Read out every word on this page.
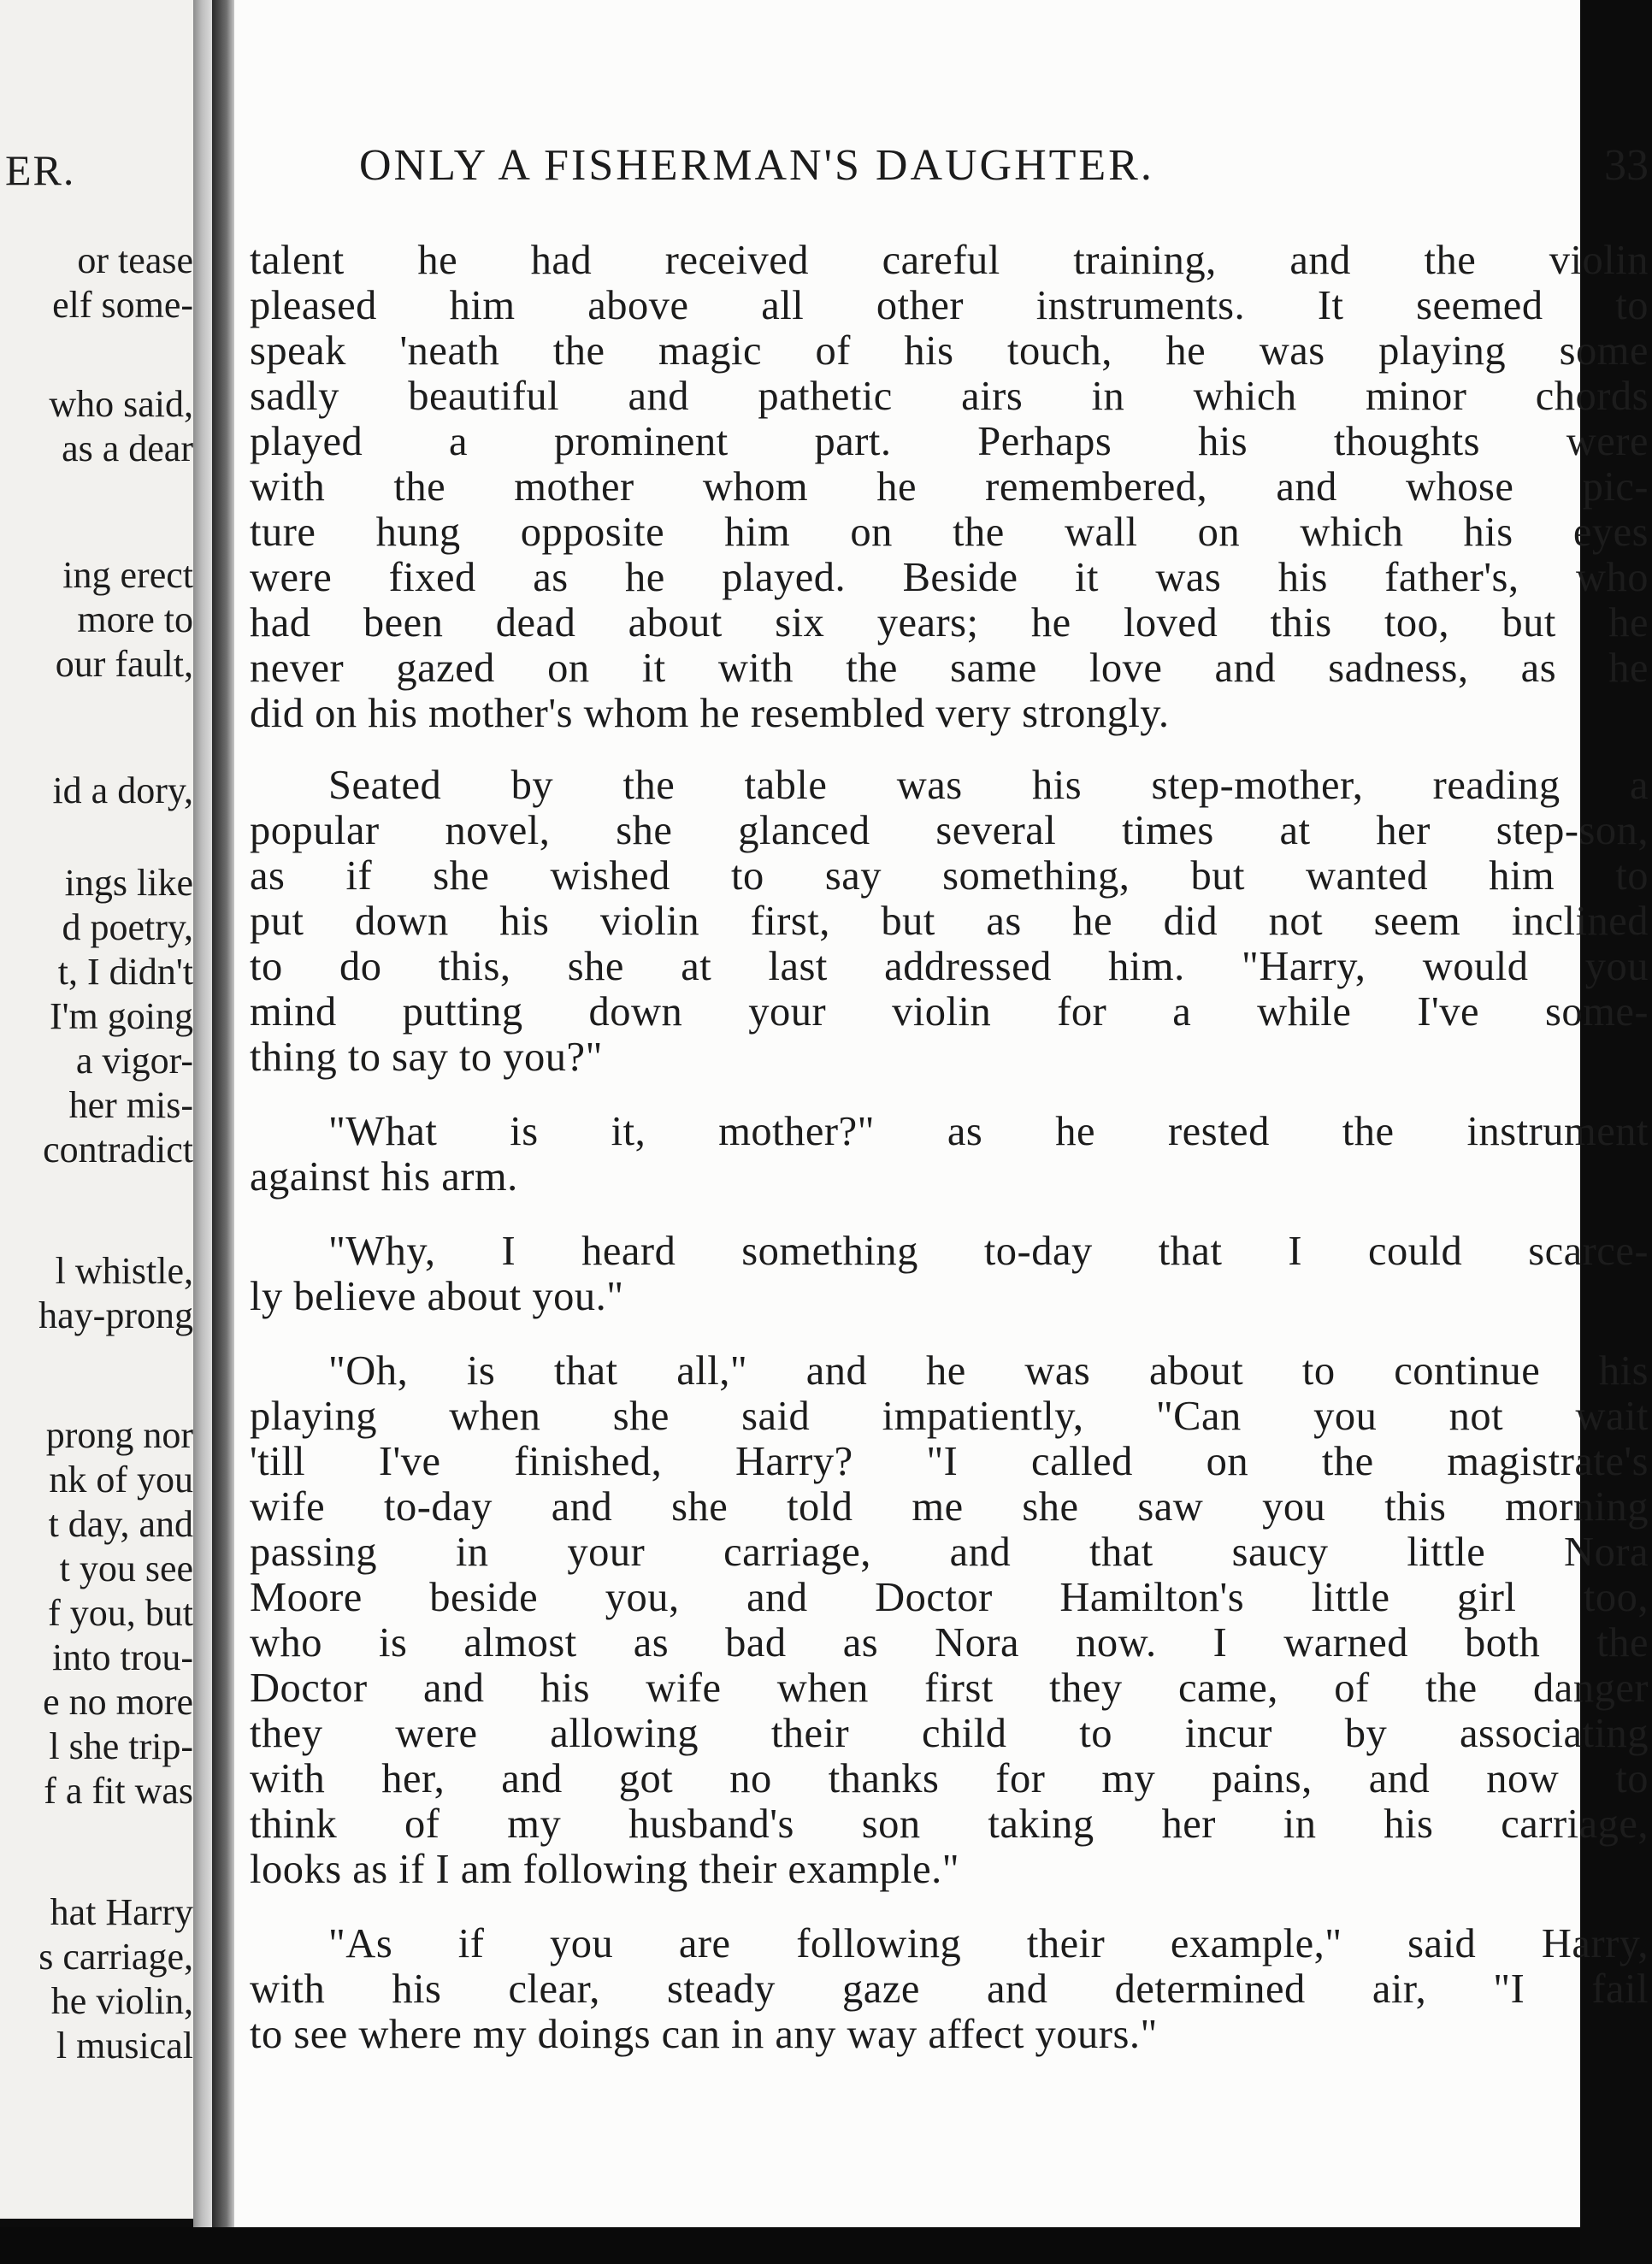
ER.

or tease

elf some-

who said,

as a dear

ing erect

more to

our fault,

id a dory,

ings like

d poetry,

t, I didn't

I'm going

a vigor-

her mis-

contradict

l whistle,

hay-prong

prong nor

nk of you

t day, and

t you see

f you, but

into trou-

e no more

l she trip-

f a fit was

hat Harry

s carriage,

he violin,

l musical

ONLY A FISHERMAN'S DAUGHTER.	33

talent he had received careful training, and the violin

pleased him above all other instruments. It seemed to

speak 'neath the magic of his touch, he was playing some

sadly beautiful and pathetic airs in which minor chords

played a prominent part. Perhaps his thoughts were

with the mother whom he remembered, and whose pic-

ture hung opposite him on the wall on which his eyes

were fixed as he played. Beside it was his father's, who

had been dead about six years; he loved this too, but he

never gazed on it with the same love and sadness, as he

did on his mother's whom he resembled very strongly.

Seated by the table was his step-mother, reading a

popular novel, she glanced several times at her step-son,

as if she wished to say something, but wanted him to

put down his violin first, but as he did not seem inclined

to do this, she at last addressed him. "Harry, would you

mind putting down your violin for a while I've some-

thing to say to you?"

"What is it, mother?" as he rested the instrument

against his arm.

"Why, I heard something to-day that I could scarce-

ly believe about you."

"Oh, is that all," and he was about to continue his

playing when she said impatiently, "Can you not wait

'till I've finished, Harry? "I called on the magistrate's

wife to-day and she told me she saw you this morning

passing in your carriage, and that saucy little Nora

Moore beside you, and Doctor Hamilton's little girl too,

who is almost as bad as Nora now. I warned both the

Doctor and his wife when first they came, of the danger

they were allowing their child to incur by associating

with her, and got no thanks for my pains, and now to

think of my husband's son taking her in his carriage,

looks as if I am following their example."

"As if you are following their example," said Harry,

with his clear, steady gaze and determined air, "I fail

to see where my doings can in any way affect yours."
